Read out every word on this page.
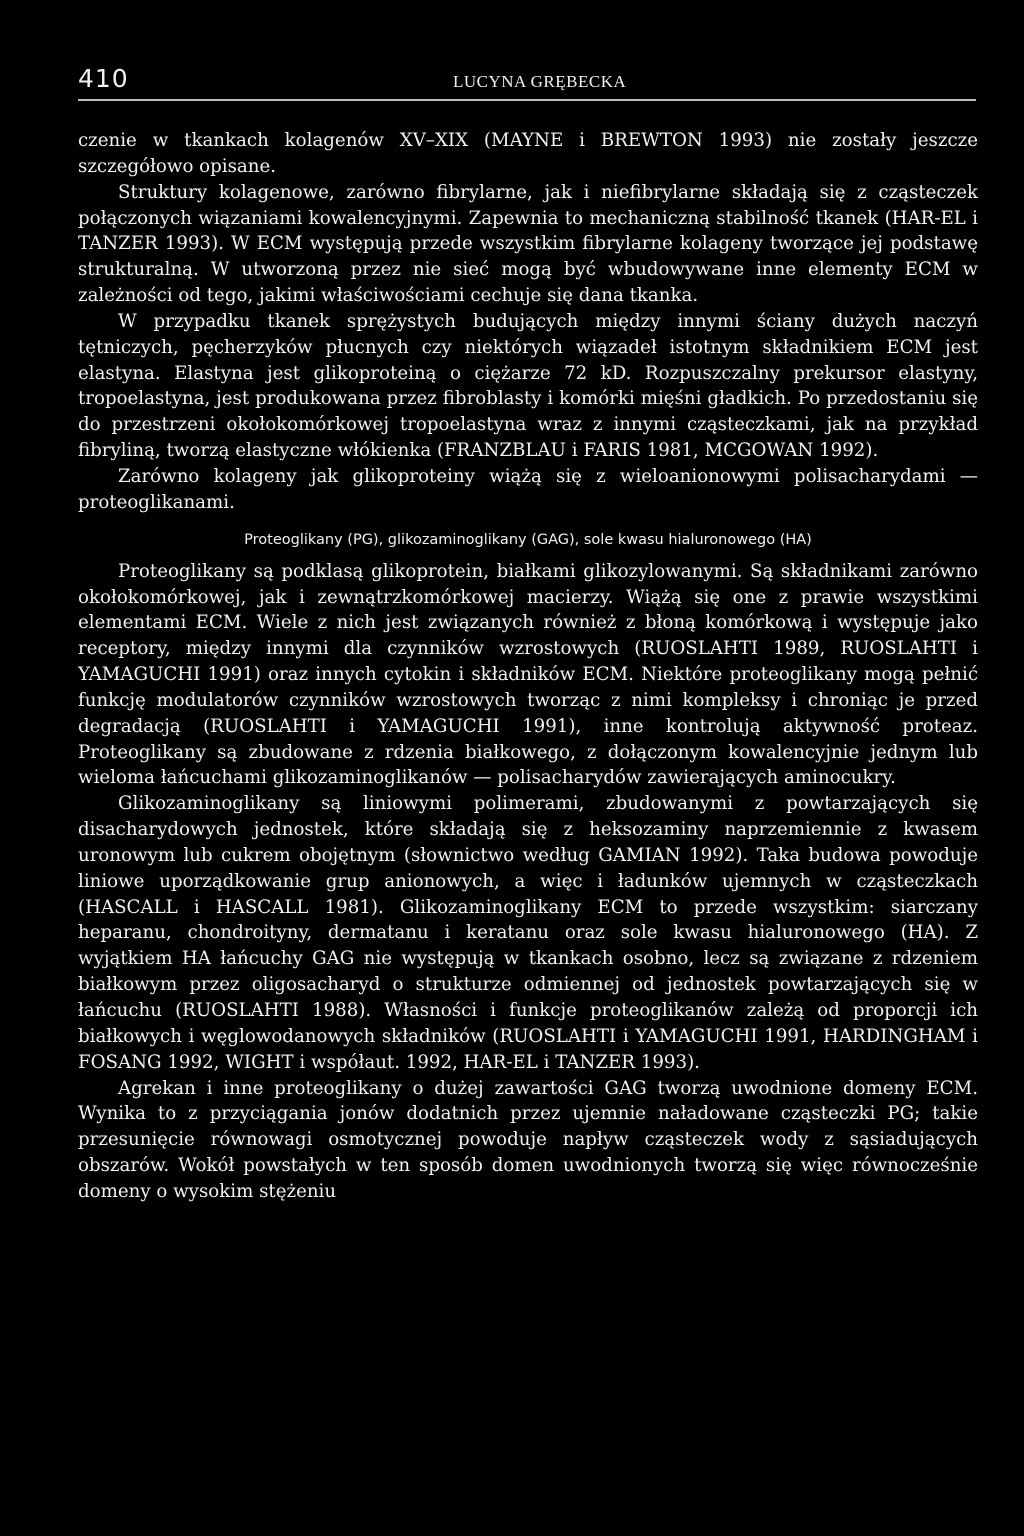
410	LUCYNA GRĘBECKA

czenie w tkankach kolagenów XV–XIX (MAYNE i BREWTON 1993) nie zostały jeszcze szczegółowo opisane.

Struktury kolagenowe, zarówno fibrylarne, jak i niefibrylarne składają się z cząsteczek połączonych wiązaniami kowalencyjnymi. Zapewnia to mechaniczną stabilność tkanek (HAR-EL i TANZER 1993). W ECM występują przede wszystkim fibrylarne kolageny tworzące jej podstawę strukturalną. W utworzoną przez nie sieć mogą być wbudowywane inne elementy ECM w zależności od tego, jakimi właściwościami cechuje się dana tkanka.

W przypadku tkanek sprężystych budujących między innymi ściany dużych naczyń tętniczych, pęcherzyków płucnych czy niektórych wiązadeł istotnym składnikiem ECM jest elastyna. Elastyna jest glikoproteiną o ciężarze 72 kD. Rozpuszczalny prekursor elastyny, tropoelastyna, jest produkowana przez fibroblasty i komórki mięśni gładkich. Po przedostaniu się do przestrzeni okołokomórkowej tropoelastyna wraz z innymi cząsteczkami, jak na przykład fibryliną, tworzą elastyczne włókienka (FRANZBLAU i FARIS 1981, MCGOWAN 1992).

Zarówno kolageny jak glikoproteiny wiążą się z wieloanionowymi polisacharydami — proteoglikanami.

Proteoglikany (PG), glikozaminoglikany (GAG), sole kwasu hialuronowego (HA)

Proteoglikany są podklasą glikoprotein, białkami glikozylowanymi. Są składnikami zarówno okołokomórkowej, jak i zewnątrzkomórkowej macierzy. Wiążą się one z prawie wszystkimi elementami ECM. Wiele z nich jest związanych również z błoną komórkową i występuje jako receptory, między innymi dla czynników wzrostowych (RUOSLAHTI 1989, RUOSLAHTI i YAMAGUCHI 1991) oraz innych cytokin i składników ECM. Niektóre proteoglikany mogą pełnić funkcję modulatorów czynników wzrostowych tworząc z nimi kompleksy i chroniąc je przed degradacją (RUOSLAHTI i YAMAGUCHI 1991), inne kontrolują aktywność proteaz. Proteoglikany są zbudowane z rdzenia białkowego, z dołączonym kowalencyjnie jednym lub wieloma łańcuchami glikozaminoglikanów — polisacharydów zawierających aminocukry.

Glikozaminoglikany są liniowymi polimerami, zbudowanymi z powtarzających się disacharydowych jednostek, które składają się z heksozaminy naprzemiennie z kwasem uronowym lub cukrem obojętnym (słownictwo według GAMIAN 1992). Taka budowa powoduje liniowe uporządkowanie grup anionowych, a więc i ładunków ujemnych w cząsteczkach (HASCALL i HASCALL 1981). Glikozaminoglikany ECM to przede wszystkim: siarczany heparanu, chondroityny, dermatanu i keratanu oraz sole kwasu hialuronowego (HA). Z wyjątkiem HA łańcuchy GAG nie występują w tkankach osobno, lecz są związane z rdzeniem białkowym przez oligosacharyd o strukturze odmiennej od jednostek powtarzających się w łańcuchu (RUOSLAHTI 1988). Własności i funkcje proteoglikanów zależą od proporcji ich białkowych i węglowodanowych składników (RUOSLAHTI i YAMAGUCHI 1991, HARDINGHAM i FOSANG 1992, WIGHT i współaut. 1992, HAR-EL i TANZER 1993).

Agrekan i inne proteoglikany o dużej zawartości GAG tworzą uwodnione domeny ECM. Wynika to z przyciągania jonów dodatnich przez ujemnie naładowane cząsteczki PG; takie przesunięcie równowagi osmotycznej powoduje napływ cząsteczek wody z sąsiadujących obszarów. Wokół powstałych w ten sposób domen uwodnionych tworzą się więc równocześnie domeny o wysokim stężeniu
